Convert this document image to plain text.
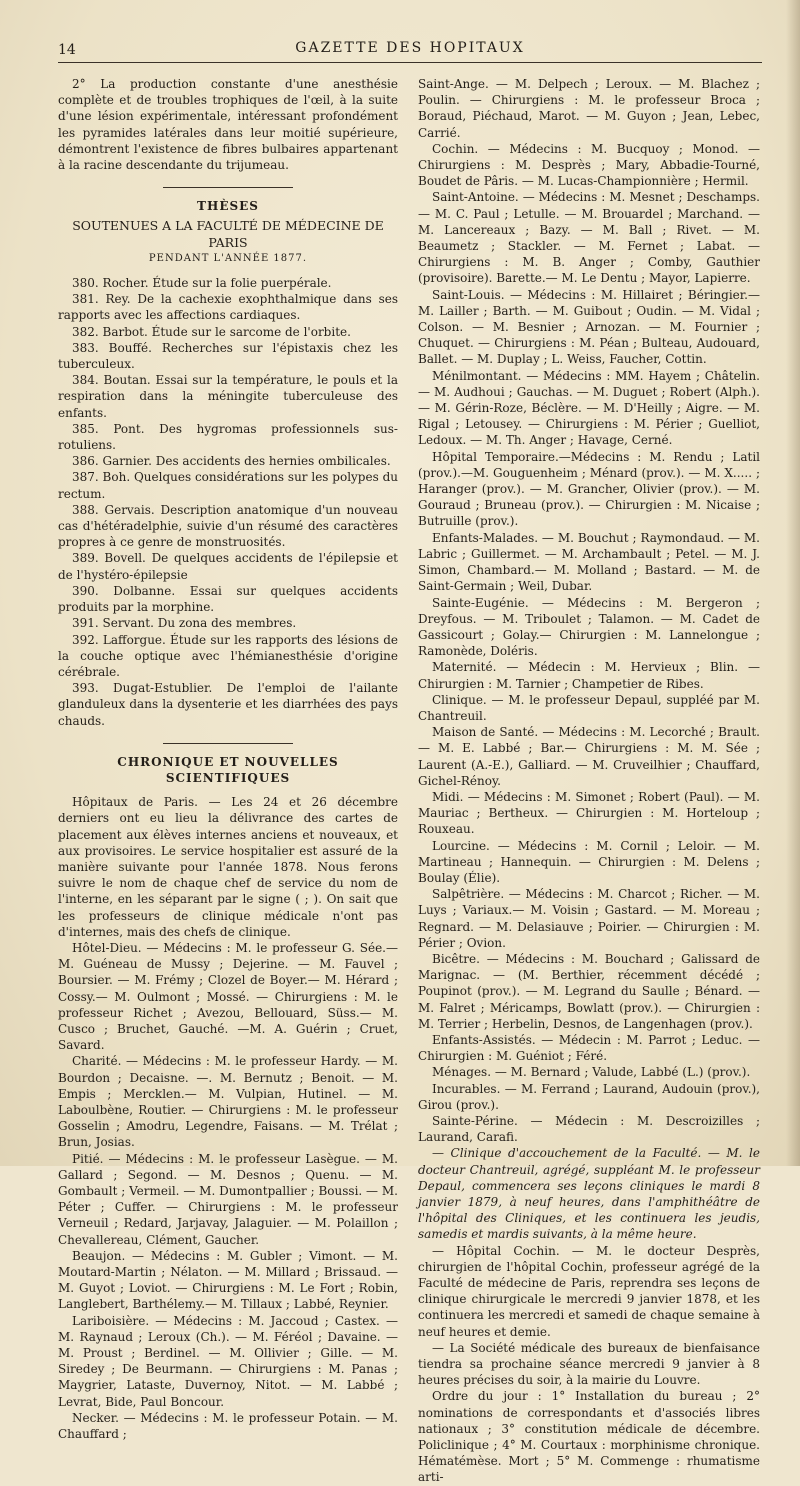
14	GAZETTE DES HOPITAUX

2° La production constante d'une anesthésie complète et de troubles trophiques de l'œil, à la suite d'une lésion expérimentale, intéressant profondément les pyramides latérales dans leur moitié supérieure, démontrent l'existence de fibres bulbaires appartenant à la racine descendante du trijumeau.

THÈSES
SOUTENUES A LA FACULTÉ DE MÉDECINE DE PARIS
PENDANT L'ANNÉE 1877.

380. Rocher. Étude sur la folie puerpérale.

381. Rey. De la cachexie exophthalmique dans ses rapports avec les affections cardiaques.

382. Barbot. Étude sur le sarcome de l'orbite.

383. Bouffé. Recherches sur l'épistaxis chez les tuberculeux.

384. Boutan. Essai sur la température, le pouls et la respiration dans la méningite tuberculeuse des enfants.

385. Pont. Des hygromas professionnels sus-rotuliens.

386. Garnier. Des accidents des hernies ombilicales.

387. Boh. Quelques considérations sur les polypes du rectum.

388. Gervais. Description anatomique d'un nouveau cas d'hétéradelphie, suivie d'un résumé des caractères propres à ce genre de monstruosités.

389. Bovell. De quelques accidents de l'épilepsie et de l'hystéro-épilepsie

390. Dolbanne. Essai sur quelques accidents produits par la morphine.

391. Servant. Du zona des membres.

392. Lafforgue. Étude sur les rapports des lésions de la couche optique avec l'hémianesthésie d'origine cérébrale.

393. Dugat-Estublier. De l'emploi de l'ailante glanduleux dans la dysenterie et les diarrhées des pays chauds.

CHRONIQUE ET NOUVELLES SCIENTIFIQUES

Hôpitaux de Paris. — Les 24 et 26 décembre derniers ont eu lieu la délivrance des cartes de placement aux élèves internes anciens et nouveaux, et aux provisoires. Le service hospitalier est assuré de la manière suivante pour l'année 1878. Nous ferons suivre le nom de chaque chef de service du nom de l'interne, en les séparant par le signe ( ; ). On sait que les professeurs de clinique médicale n'ont pas d'internes, mais des chefs de clinique.

Hôtel-Dieu. — Médecins : M. le professeur G. Sée.— M. Guéneau de Mussy ; Dejerine. — M. Fauvel ; Boursier. — M. Frémy ; Clozel de Boyer.— M. Hérard ; Cossy.— M. Oulmont ; Mossé. — Chirurgiens : M. le professeur Richet ; Avezou, Bellouard, Süss.— M. Cusco ; Bruchet, Gauché. —M. A. Guérin ; Cruet, Savard.

Charité. — Médecins : M. le professeur Hardy. — M. Bourdon ; Decaisne. —. M. Bernutz ; Benoit. — M. Empis ; Mercklen.— M. Vulpian, Hutinel. — M. Laboulbène, Routier. — Chirurgiens : M. le professeur Gosselin ; Amodru, Legendre, Faisans. — M. Trélat ; Brun, Josias.

Pitié. — Médecins : M. le professeur Lasègue. — M. Gallard ; Segond. — M. Desnos ; Quenu. — M. Gombault ; Vermeil. — M. Dumontpallier ; Boussi. — M. Péter ; Cuffer. — Chirurgiens : M. le professeur Verneuil ; Redard, Jarjavay, Jalaguier. — M. Polaillon ; Chevallereau, Clément, Gaucher.

Beaujon. — Médecins : M. Gubler ; Vimont. — M. Moutard-Martin ; Nélaton. — M. Millard ; Brissaud. — M. Guyot ; Loviot. — Chirurgiens : M. Le Fort ; Robin, Langlebert, Barthélemy.— M. Tillaux ; Labbé, Reynier.

Lariboisière. — Médecins : M. Jaccoud ; Castex. — M. Raynaud ; Leroux (Ch.). — M. Féréol ; Davaine. — M. Proust ; Berdinel. — M. Ollivier ; Gille. — M. Siredey ; De Beurmann. — Chirurgiens : M. Panas ; Maygrier, Lataste, Duvernoy, Nitot. — M. Labbé ; Levrat, Bide, Paul Boncour.

Necker. — Médecins : M. le professeur Potain. — M. Chauffard ;

Saint-Ange. — M. Delpech ; Leroux. — M. Blachez ; Poulin. — Chirurgiens : M. le professeur Broca ; Boraud, Piéchaud, Marot. — M. Guyon ; Jean, Lebec, Carrié.

Cochin. — Médecins : M. Bucquoy ; Monod. — Chirurgiens : M. Desprès ; Mary, Abbadie-Tourné, Boudet de Pâris. — M. Lucas-Championnière ; Hermil.

Saint-Antoine. — Médecins : M. Mesnet ; Deschamps. — M. C. Paul ; Letulle. — M. Brouardel ; Marchand. — M. Lancereaux ; Bazy. — M. Ball ; Rivet. — M. Beaumetz ; Stackler. — M. Fernet ; Labat. — Chirurgiens : M. B. Anger ; Comby, Gauthier (provisoire). Barette.— M. Le Dentu ; Mayor, Lapierre.

Saint-Louis. — Médecins : M. Hillairet ; Béringier.— M. Lailler ; Barth. — M. Guibout ; Oudin. — M. Vidal ; Colson. — M. Besnier ; Arnozan. — M. Fournier ; Chuquet. — Chirurgiens : M. Péan ; Bulteau, Audouard, Ballet. — M. Duplay ; L. Weiss, Faucher, Cottin.

Ménilmontant. — Médecins : MM. Hayem ; Châtelin. — M. Audhoui ; Gauchas. — M. Duguet ; Robert (Alph.). — M. Gérin-Roze, Béclère. — M. D'Heilly ; Aigre. — M. Rigal ; Letousey. — Chirurgiens : M. Périer ; Guelliot, Ledoux. — M. Th. Anger ; Havage, Cerné.

Hôpital Temporaire.—Médecins : M. Rendu ; Latil (prov.).—M. Gouguenheim ; Ménard (prov.). — M. X..... ; Haranger (prov.). — M. Grancher, Olivier (prov.). — M. Gouraud ; Bruneau (prov.). — Chirurgien : M. Nicaise ; Butruille (prov.).

Enfants-Malades. — M. Bouchut ; Raymondaud. — M. Labric ; Guillermet. — M. Archambault ; Petel. — M. J. Simon, Chambard.— M. Molland ; Bastard. — M. de Saint-Germain ; Weil, Dubar.

Sainte-Eugénie. — Médecins : M. Bergeron ; Dreyfous. — M. Triboulet ; Talamon. — M. Cadet de Gassicourt ; Golay.— Chirurgien : M. Lannelongue ; Ramonède, Doléris.

Maternité. — Médecin : M. Hervieux ; Blin. — Chirurgien : M. Tarnier ; Champetier de Ribes.

Clinique. — M. le professeur Depaul, suppléé par M. Chantreuil.

Maison de Santé. — Médecins : M. Lecorché ; Brault. — M. E. Labbé ; Bar.— Chirurgiens : M. M. Sée ; Laurent (A.-E.), Galliard. — M. Cruveilhier ; Chauffard, Gichel-Rénoy.

Midi. — Médecins : M. Simonet ; Robert (Paul). — M. Mauriac ; Bertheux. — Chirurgien : M. Horteloup ; Rouxeau.

Lourcine. — Médecins : M. Cornil ; Leloir. — M. Martineau ; Hannequin. — Chirurgien : M. Delens ; Boulay (Élie).

Salpêtrière. — Médecins : M. Charcot ; Richer. — M. Luys ; Variaux.— M. Voisin ; Gastard. — M. Moreau ; Regnard. — M. Delasiauve ; Poirier. — Chirurgien : M. Périer ; Ovion.

Bicêtre. — Médecins : M. Bouchard ; Galissard de Marignac. — (M. Berthier, récemment décédé ; Poupinot (prov.). — M. Legrand du Saulle ; Bénard. — M. Falret ; Méricamps, Bowlatt (prov.). — Chirurgien : M. Terrier ; Herbelin, Desnos, de Langenhagen (prov.).

Enfants-Assistés. — Médecin : M. Parrot ; Leduc. — Chirurgien : M. Guéniot ; Féré.

Ménages. — M. Bernard ; Valude, Labbé (L.) (prov.).

Incurables. — M. Ferrand ; Laurand, Audouin (prov.), Girou (prov.).

Sainte-Périne. — Médecin : M. Descroizilles ; Laurand, Carafi.

— Clinique d'accouchement de la Faculté. — M. le docteur Chantreuil, agrégé, suppléant M. le professeur Depaul, commencera ses leçons cliniques le mardi 8 janvier 1879, à neuf heures, dans l'amphithéâtre de l'hôpital des Cliniques, et les continuera les jeudis, samedis et mardis suivants, à la même heure.

— Hôpital Cochin. — M. le docteur Desprès, chirurgien de l'hôpital Cochin, professeur agrégé de la Faculté de médecine de Paris, reprendra ses leçons de clinique chirurgicale le mercredi 9 janvier 1878, et les continuera les mercredi et samedi de chaque semaine à neuf heures et demie.

— La Société médicale des bureaux de bienfaisance tiendra sa prochaine séance mercredi 9 janvier à 8 heures précises du soir, à la mairie du Louvre.

Ordre du jour : 1° Installation du bureau ; 2° nominations de correspondants et d'associés libres nationaux ; 3° constitution médicale de décembre. Policlinique ; 4° M. Courtaux : morphinisme chronique. Hématémèse. Mort ; 5° M. Commenge : rhumatisme arti-
